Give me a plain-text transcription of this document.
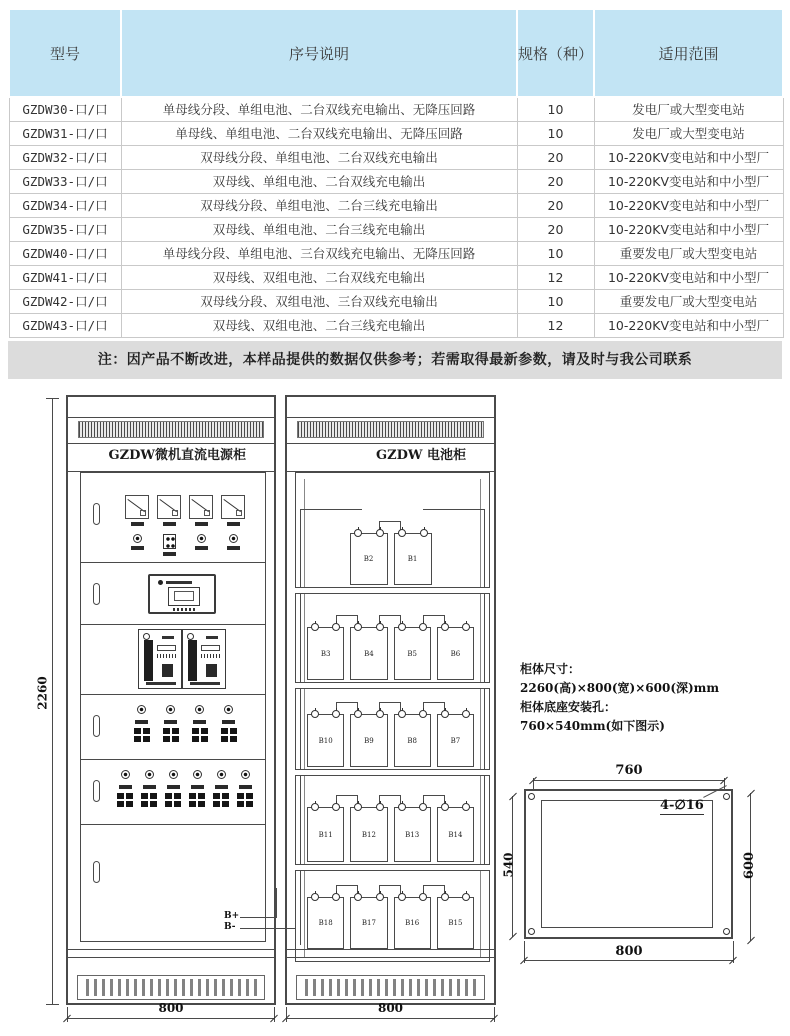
型号	序号说明	规格（种）	适用范围
GZDW30-口/口	单母线分段、单组电池、二台双线充电输出、无降压回路	10	发电厂或大型变电站
GZDW31-口/口	单母线、单组电池、二台双线充电输出、无降压回路	10	发电厂或大型变电站
GZDW32-口/口	双母线分段、单组电池、二台双线充电输出	20	10-220KV变电站和中小型厂
GZDW33-口/口	双母线、单组电池、二台双线充电输出	20	10-220KV变电站和中小型厂
GZDW34-口/口	双母线分段、单组电池、二台三线充电输出	20	10-220KV变电站和中小型厂
GZDW35-口/口	双母线、单组电池、二台三线充电输出	20	10-220KV变电站和中小型厂
GZDW40-口/口	单母线分段、单组电池、三台双线充电输出、无降压回路	10	重要发电厂或大型变电站
GZDW41-口/口	双母线、双组电池、二台双线充电输出	12	10-220KV变电站和中小型厂
GZDW42-口/口	双母线分段、双组电池、三台双线充电输出	10	重要发电厂或大型变电站
GZDW43-口/口	双母线、双组电池、二台三线充电输出	12	10-220KV变电站和中小型厂
注：因产品不断改进，本样品提供的数据仅供参考；若需取得最新参数，请及时与我公司联系
2260
GZDW微机直流电源柜	GZDW 电池柜
B2	B1
B3	B4	B5	B6
B10	B9	B8	B7
B11	B12	B13	B14
B18	B17	B16	B15
B+
B-
800	800
柜体尺寸：
2260(高)×800(宽)×600(深)mm
柜体底座安装孔：
760×540mm(如下图示)
760
540	600
800
4-∅16
